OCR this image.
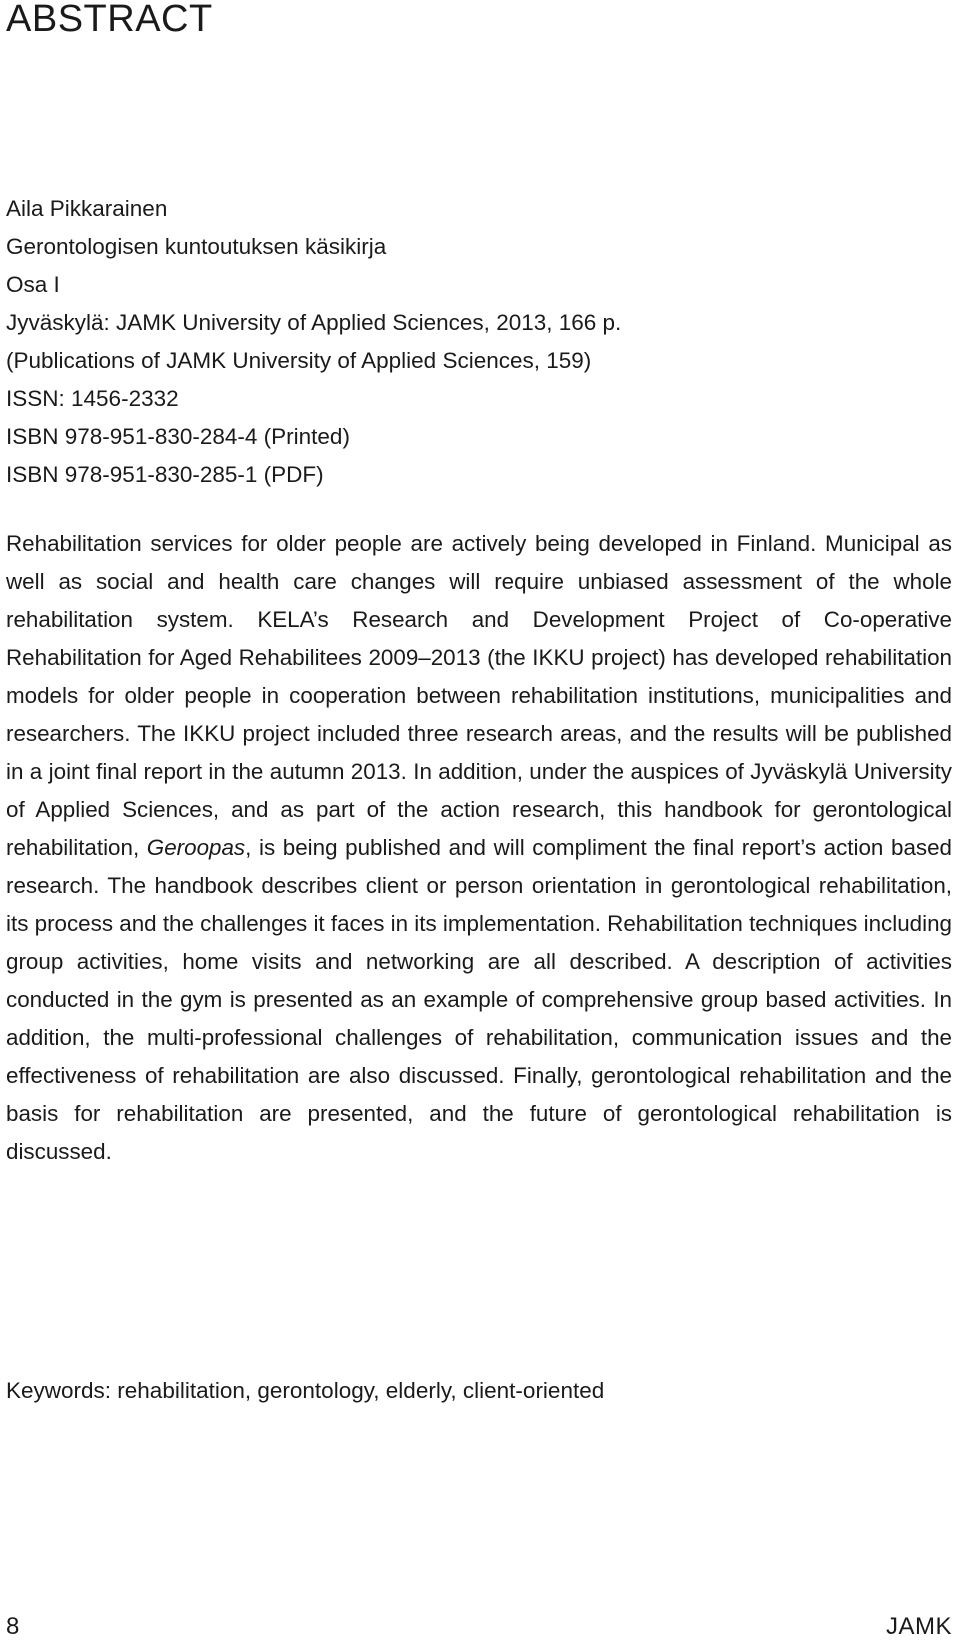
ABSTRACT
Aila Pikkarainen
Gerontologisen kuntoutuksen käsikirja
Osa I
Jyväskylä: JAMK University of Applied Sciences, 2013, 166 p.
(Publications of JAMK University of Applied Sciences, 159)
ISSN: 1456-2332
ISBN 978-951-830-284-4 (Printed)
ISBN 978-951-830-285-1 (PDF)

Rehabilitation services for older people are actively being developed in Finland. Municipal as well as social and health care changes will require unbiased assessment of the whole rehabilitation system. KELA’s Research and Development Project of Co-operative Rehabilitation for Aged Rehabilitees 2009–2013 (the IKKU project) has developed rehabilitation models for older people in cooperation between rehabilitation institutions, municipalities and researchers. The IKKU project included three research areas, and the results will be published in a joint final report in the autumn 2013. In addition, under the auspices of Jyväskylä University of Applied Sciences, and as part of the action research, this handbook for gerontological rehabilitation, Geroopas, is being published and will compliment the final report’s action based research. The handbook describes client or person orientation in gerontological rehabilitation, its process and the challenges it faces in its implementation. Rehabilitation techniques including group activities, home visits and networking are all described. A description of activities conducted in the gym is presented as an example of comprehensive group based activities. In addition, the multi-professional challenges of rehabilitation, communication issues and the effectiveness of rehabilitation are also discussed. Finally, gerontological rehabilitation and the basis for rehabilitation are presented, and the future of gerontological rehabilitation is discussed.

Keywords: rehabilitation, gerontology, elderly, client-oriented

8	JAMK
